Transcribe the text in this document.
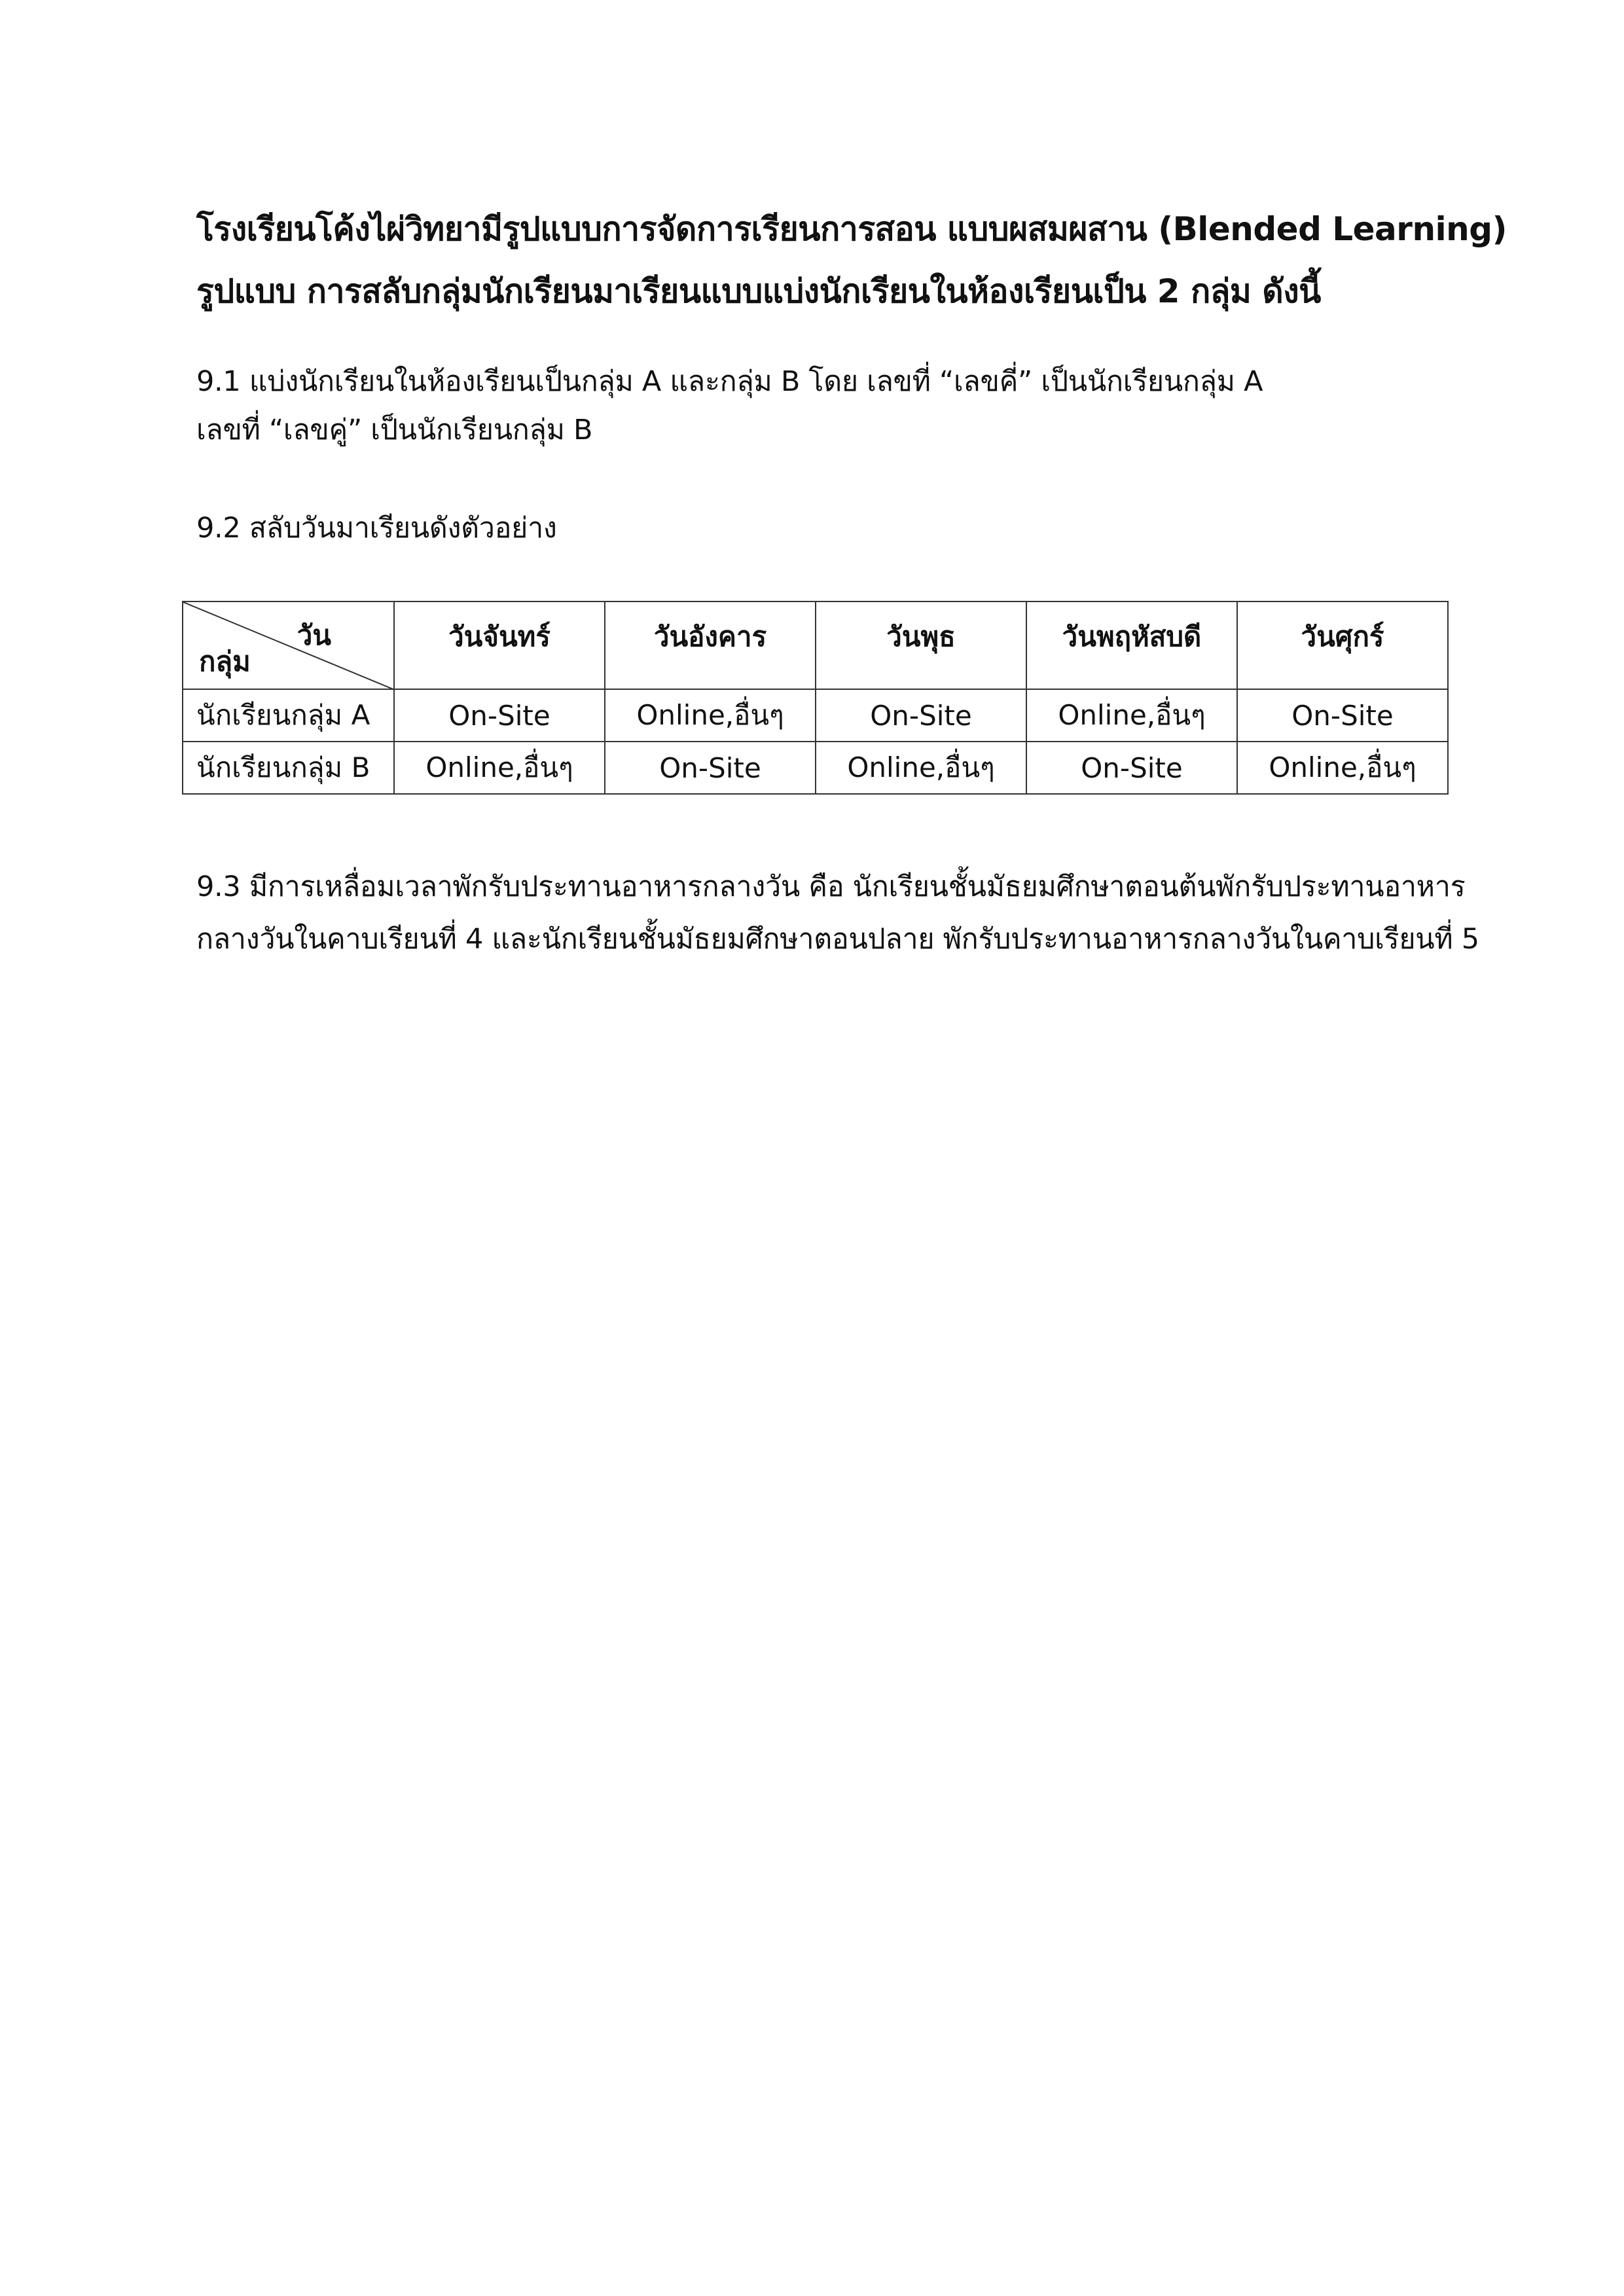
โรงเรียนโค้งไผ่วิทยามีรูปแบบการจัดการเรียนการสอน แบบผสมผสาน (Blended Learning)
รูปแบบ การสลับกลุ่มนักเรียนมาเรียนแบบแบ่งนักเรียนในห้องเรียนเป็น 2 กลุ่ม ดังนี้
9.1 แบ่งนักเรียนในห้องเรียนเป็นกลุ่ม A และกลุ่ม B โดย เลขที่ “เลขคี่” เป็นนักเรียนกลุ่ม A
เลขที่ “เลขคู่” เป็นนักเรียนกลุ่ม B
9.2 สลับวันมาเรียนดังตัวอย่าง
วัน
กลุ่ม	วันจันทร์	วันอังคาร	วันพุธ	วันพฤหัสบดี	วันศุกร์
นักเรียนกลุ่ม A	On-Site	Online,อื่นๆ	On-Site	Online,อื่นๆ	On-Site
นักเรียนกลุ่ม B	Online,อื่นๆ	On-Site	Online,อื่นๆ	On-Site	Online,อื่นๆ
9.3 มีการเหลื่อมเวลาพักรับประทานอาหารกลางวัน คือ นักเรียนชั้นมัธยมศึกษาตอนต้นพักรับประทานอาหาร
กลางวันในคาบเรียนที่ 4 และนักเรียนชั้นมัธยมศึกษาตอนปลาย พักรับประทานอาหารกลางวันในคาบเรียนที่ 5
